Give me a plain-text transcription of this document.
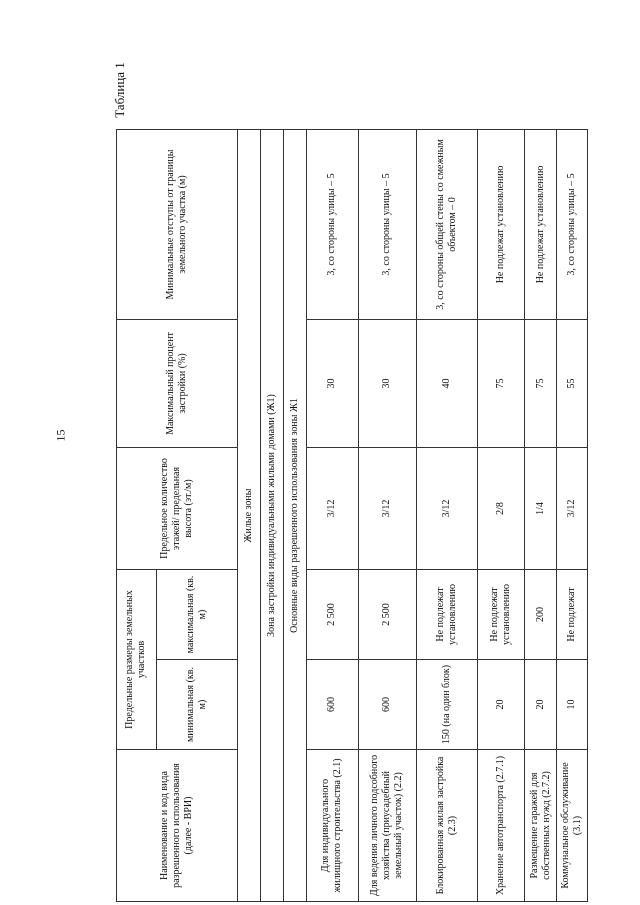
15
Таблица 1
Наименование и код вида разрешенного использования (далее - ВРИ)	Предельные размеры земельных участков		Предельное количество этажей/ предельная высота (эт./м)	Максимальный процент застройки (%)	Минимальные отступы от границы земельного участка (м)
	минимальная (кв. м)	максимальная (кв. м)			
Жилые зоны					
Зона застройки индивидуальными жилыми домами (Ж1)					
Основные виды разрешенного использования зоны Ж1					
Для индивидуального жилищного строительства (2.1)	600	2 500	3/12	30	3, со стороны улицы – 5
Для ведения личного подсобного хозяйства (приусадебный земельный участок) (2.2)	600	2 500	3/12	30	3, со стороны улицы – 5
Блокированная жилая застройка (2.3)	150 (на один блок)	Не подлежат установлению	3/12	40	3, со стороны общей стены со смежным объектом – 0
Хранение автотранспорта (2.7.1)	20	Не подлежат установлению	2/8	75	Не подлежат установлению
Размещение гаражей для собственных нужд (2.7.2)	20	200	1/4	75	Не подлежат установлению
Коммунальное обслуживание (3.1)	10	Не подлежат	3/12	55	3, со стороны улицы – 5
